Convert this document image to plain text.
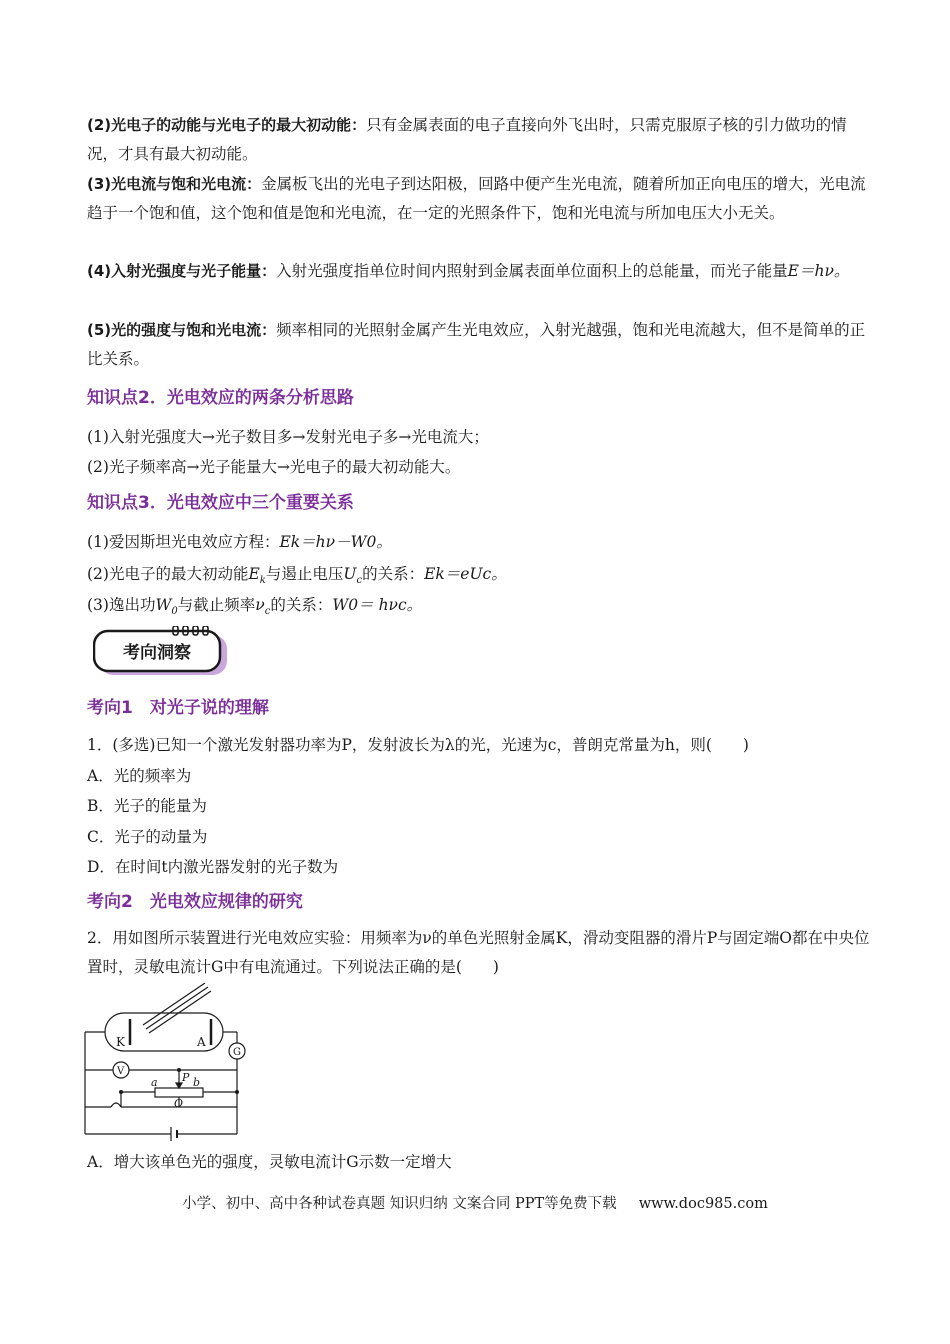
(2)光电子的动能与光电子的最大初动能：只有金属表面的电子直接向外飞出时，只需克服原子核的引力做功的情况，才具有最大初动能。

(3)光电流与饱和光电流：金属板飞出的光电子到达阳极，回路中便产生光电流，随着所加正向电压的增大，光电流趋于一个饱和值，这个饱和值是饱和光电流，在一定的光照条件下，饱和光电流与所加电压大小无关。

(4)入射光强度与光子能量：入射光强度指单位时间内照射到金属表面单位面积上的总能量，而光子能量E＝hν。

(5)光的强度与饱和光电流：频率相同的光照射金属产生光电效应，入射光越强，饱和光电流越大，但不是简单的正比关系。

知识点2．光电效应的两条分析思路

(1)入射光强度大→光子数目多→发射光电子多→光电流大；

(2)光子频率高→光子能量大→光电子的最大初动能大。

知识点3．光电效应中三个重要关系

(1)爱因斯坦光电效应方程：Ek＝hν－W0。

(2)光电子的最大初动能$E_k$与遏止电压$U_c$的关系：Ek＝eUc。

(3)逸出功$W_0$与截止频率$\nu_c$的关系：W0＝ hνc。

考向洞察
考向1　对光子说的理解

1．(多选)已知一个激光发射器功率为P，发射波长为λ的光，光速为c，普朗克常量为h，则(　　)

A．光的频率为

B．光子的能量为

C．光子的动量为

D．在时间t内激光器发射的光子数为

考向2　光电效应规律的研究

2．用如图所示装置进行光电效应实验：用频率为ν的单色光照射金属K，滑动变阻器的滑片P与固定端O都在中央位置时，灵敏电流计G中有电流通过。下列说法正确的是(　　)

K	A
G
V	P
a	b
O

A．增大该单色光的强度，灵敏电流计G示数一定增大

小学、初中、高中各种试卷真题 知识归纳 文案合同 PPT等免费下载 www.doc985.com
